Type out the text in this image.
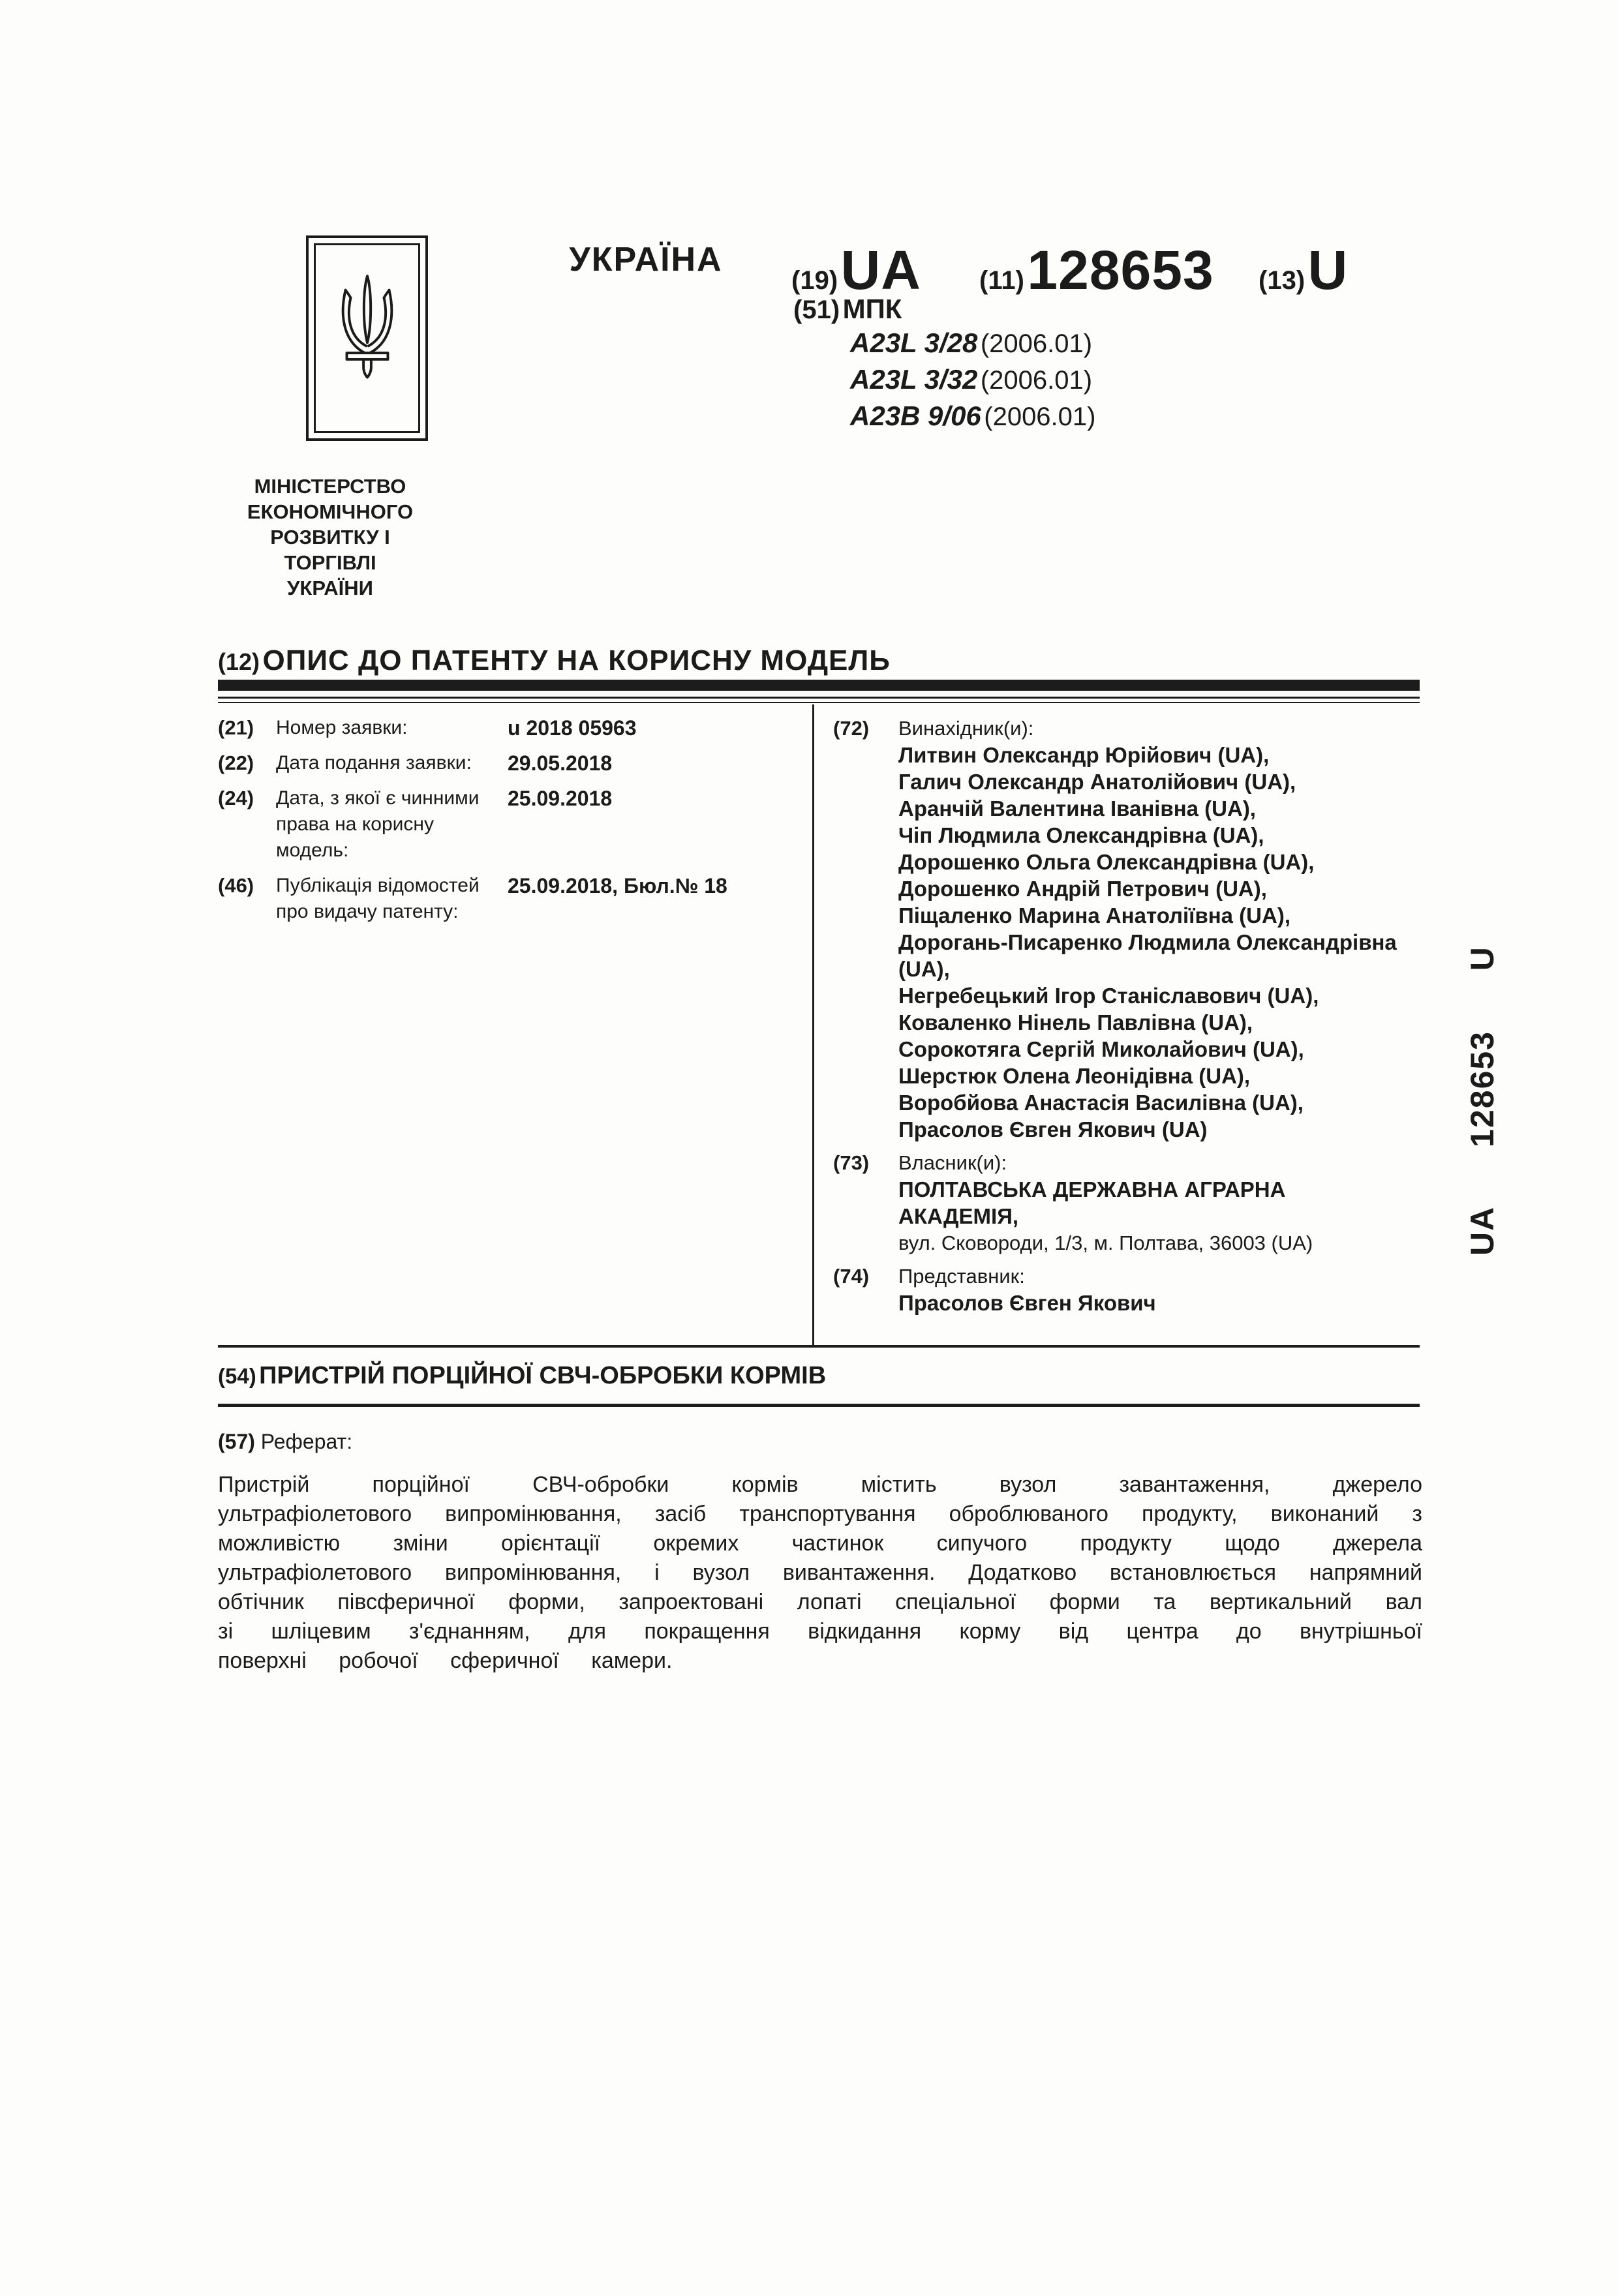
УКРАЇНА
(19) UA (11) 128653 (13) U
(51) МПК
A23L 3/28 (2006.01)
A23L 3/32 (2006.01)
A23B 9/06 (2006.01)
МІНІСТЕРСТВО
ЕКОНОМІЧНОГО
РОЗВИТКУ І ТОРГІВЛІ
УКРАЇНИ
(12) ОПИС ДО ПАТЕНТУ НА КОРИСНУ МОДЕЛЬ
(21)	Номер заявки:	u 2018 05963
(22)	Дата подання заявки:	29.05.2018
(24)	Дата, з якої є чинними права на корисну модель:
25.09.2018
(46)	Публікація відомостей про видачу патенту:
25.09.2018, Бюл.№ 18
(72)	Винахідник(и):
Литвин Олександр Юрійович (UA),
Галич Олександр Анатолійович (UA),
Аранчій Валентина Іванівна (UA),
Чіп Людмила Олександрівна (UA),
Дорошенко Ольга Олександрівна (UA),
Дорошенко Андрій Петрович (UA),
Піщаленко Марина Анатоліївна (UA),
Дорогань-Писаренко Людмила Олександрівна (UA),
Негребецький Ігор Станіславович (UA),
Коваленко Нінель Павлівна (UA),
Сорокотяга Сергій Миколайович (UA),
Шерстюк Олена Леонідівна (UA),
Воробйова Анастасія Василівна (UA),
Прасолов Євген Якович (UA)
(73)	Власник(и):
ПОЛТАВСЬКА ДЕРЖАВНА АГРАРНА АКАДЕМІЯ,
вул. Сковороди, 1/3, м. Полтава, 36003 (UA)
(74)	Представник:
Прасолов Євген Якович
(54) ПРИСТРІЙ ПОРЦІЙНОЇ СВЧ-ОБРОБКИ КОРМІВ
(57) Реферат:
Пристрій порційної СВЧ-обробки кормів містить вузол завантаження, джерело ультрафіолетового випромінювання, засіб транспортування оброблюваного продукту, виконаний з можливістю зміни орієнтації окремих частинок сипучого продукту щодо джерела ультрафіолетового випромінювання, і вузол вивантаження. Додатково встановлюється напрямний обтічник півсферичної форми, запроектовані лопаті спеціальної форми та вертикальний вал зі шліцевим з'єднанням, для покращення відкидання корму від центра до внутрішньої поверхні робочої сферичної камери.
UA  128653  U
